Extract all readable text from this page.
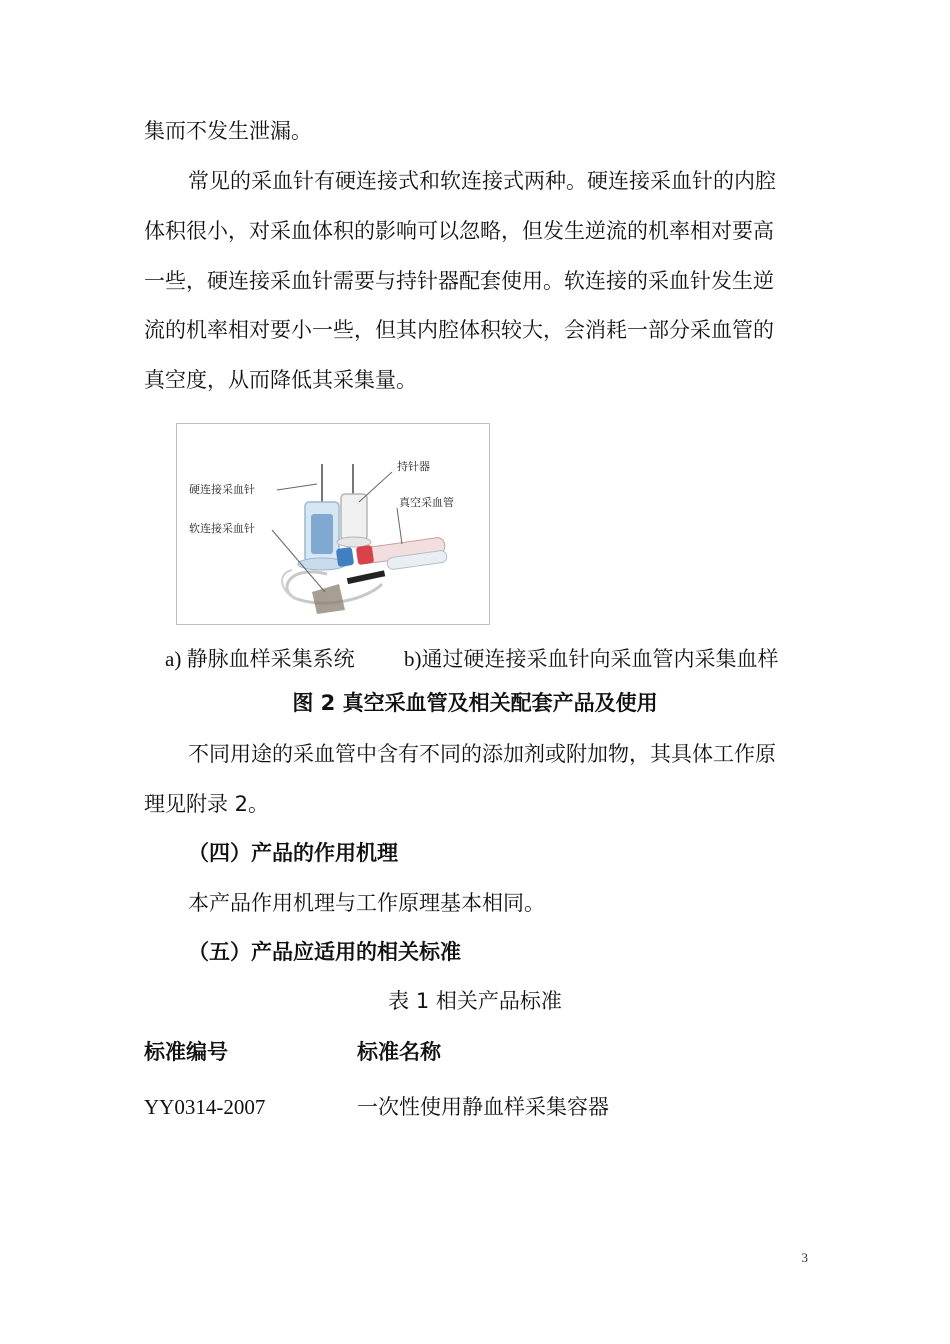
集而不发生泄漏。
常见的采血针有硬连接式和软连接式两种。硬连接采血针的内腔
体积很小，对采血体积的影响可以忽略，但发生逆流的机率相对要高
一些，硬连接采血针需要与持针器配套使用。软连接的采血针发生逆
流的机率相对要小一些，但其内腔体积较大，会消耗一部分采血管的
真空度，从而降低其采集量。
硬连接采血针
持针器
真空采血管
软连接采血针
a) 静脉血样采集系统 b)通过硬连接采血针向采血管内采集血样
图 2 真空采血管及相关配套产品及使用
不同用途的采血管中含有不同的添加剂或附加物，其具体工作原
理见附录 2。
（四）产品的作用机理
本产品作用机理与工作原理基本相同。
（五）产品应适用的相关标准
表 1 相关产品标准
标准编号	标准名称
YY0314-2007	一次性使用静血样采集容器
3
